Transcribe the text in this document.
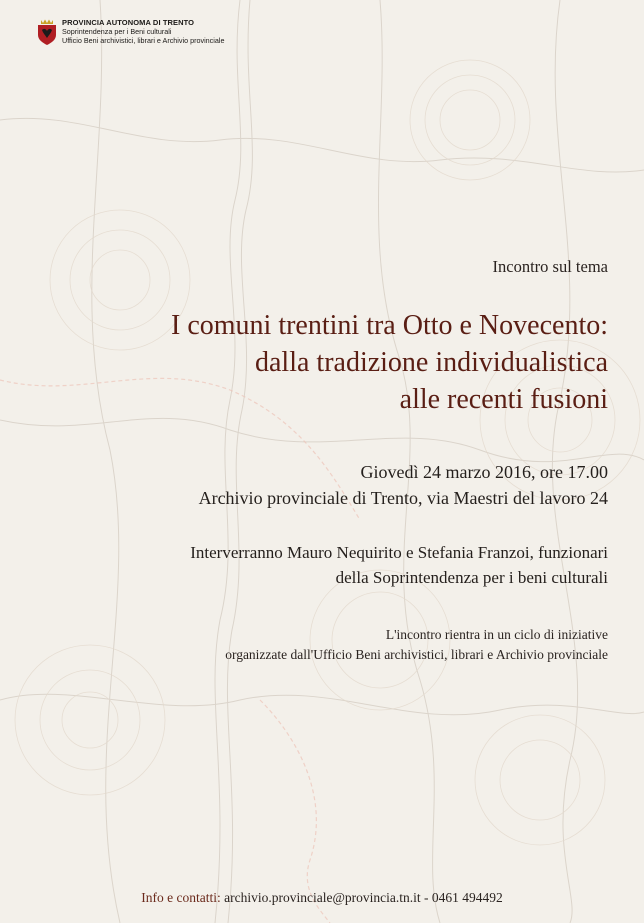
PROVINCIA AUTONOMA DI TRENTO
Soprintendenza per i Beni culturali
Ufficio Beni archivistici, librari e Archivio provinciale
Incontro sul tema
I comuni trentini tra Otto e Novecento:
dalla tradizione individualistica
alle recenti fusioni
Giovedì 24 marzo 2016, ore 17.00
Archivio provinciale di Trento, via Maestri del lavoro 24
Interverranno Mauro Nequirito e Stefania Franzoi, funzionari
della Soprintendenza per i beni culturali
L'incontro rientra in un ciclo di iniziative
organizzate dall'Ufficio Beni archivistici, librari e Archivio provinciale
Info e contatti: archivio.provinciale@provincia.tn.it - 0461 494492
